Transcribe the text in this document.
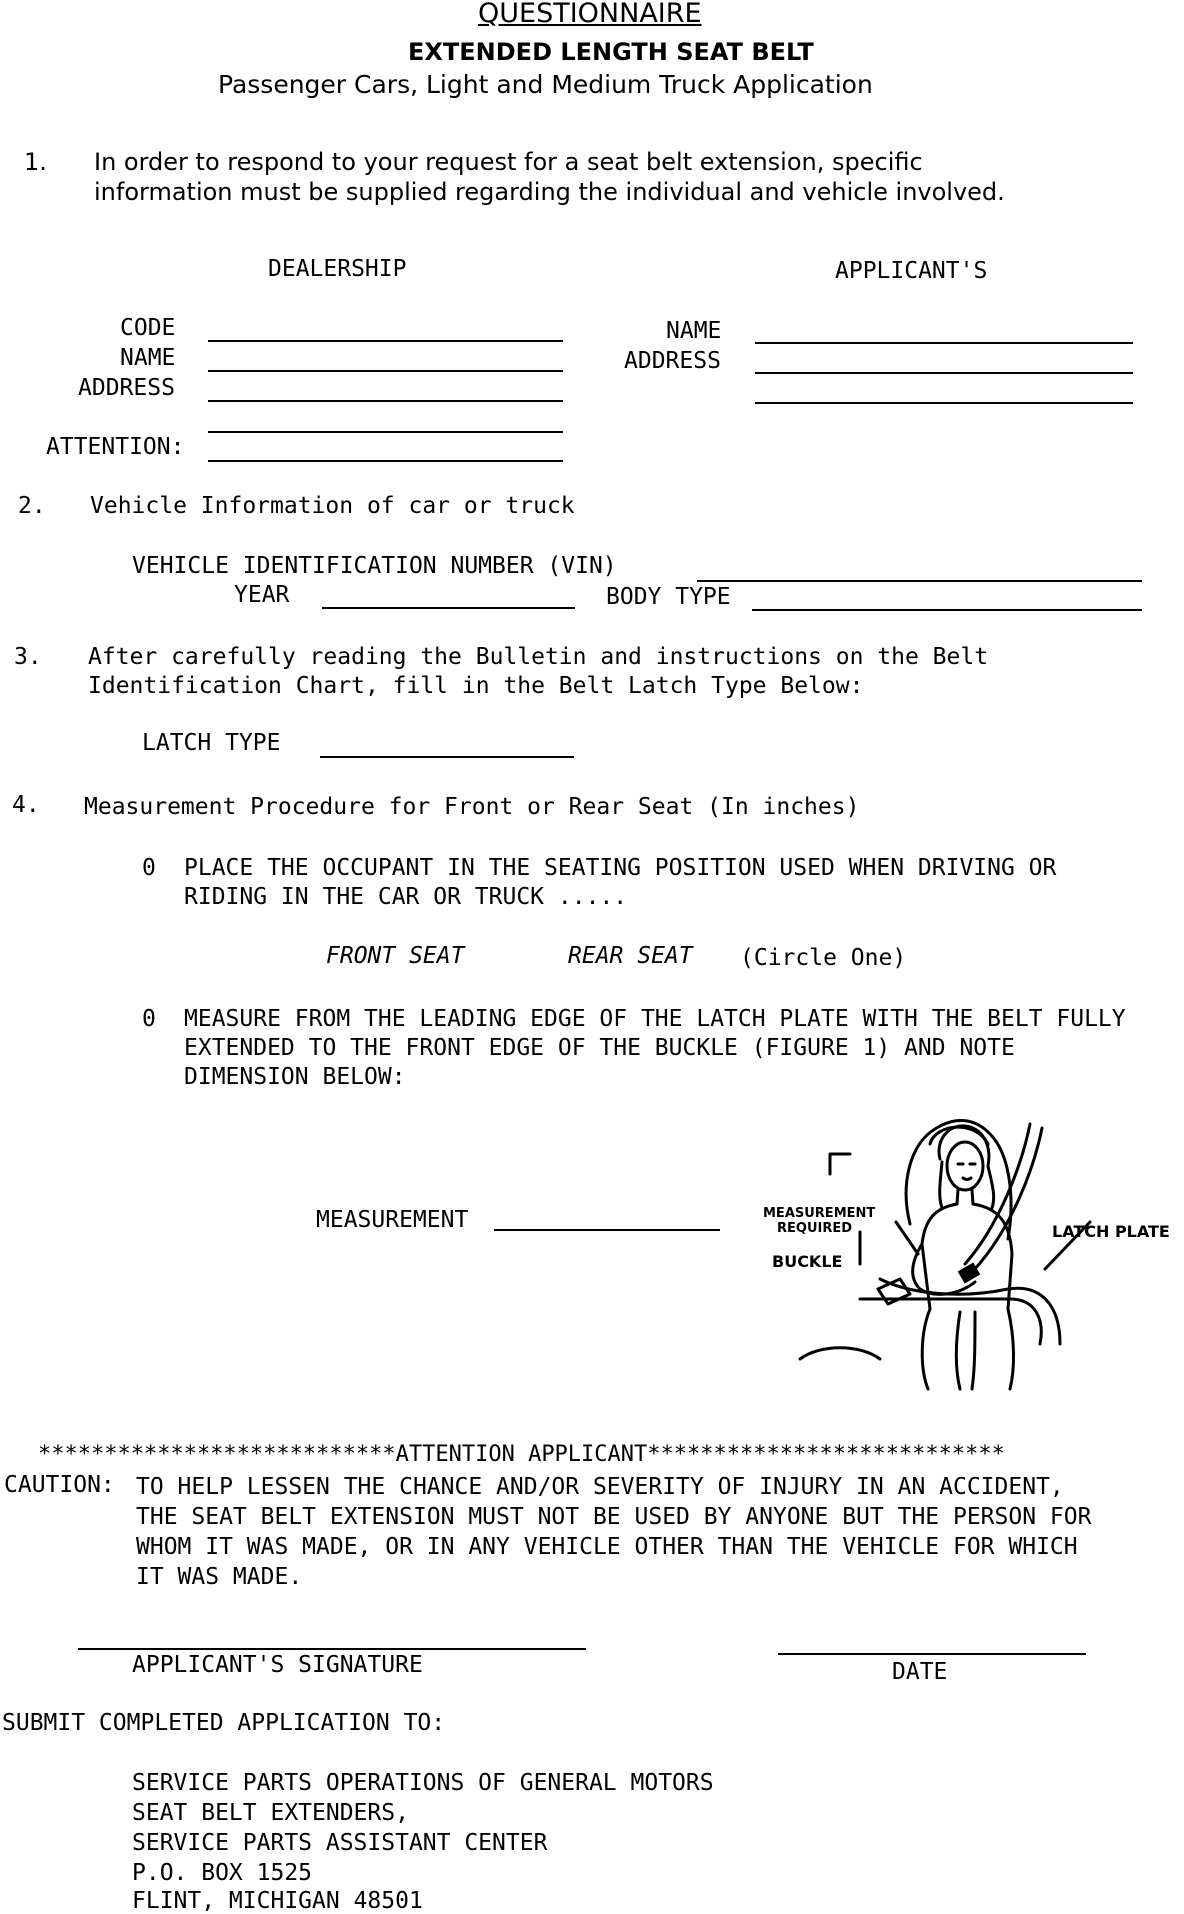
QUESTIONNAIRE
EXTENDED LENGTH SEAT BELT
Passenger Cars, Light and Medium Truck Application
1. In order to respond to your request for a seat belt extension, specific
information must be supplied regarding the individual and vehicle involved.
DEALERSHIP	APPLICANT'S
CODE
NAME
ADDRESS
ATTENTION:
NAME
ADDRESS
2. Vehicle Information of car or truck
VEHICLE IDENTIFICATION NUMBER (VIN)
YEAR	BODY TYPE
3. After carefully reading the Bulletin and instructions on the Belt
Identification Chart, fill in the Belt Latch Type Below:
LATCH TYPE
4. Measurement Procedure for Front or Rear Seat (In inches)
0 PLACE THE OCCUPANT IN THE SEATING POSITION USED WHEN DRIVING OR
RIDING IN THE CAR OR TRUCK .....
FRONT SEAT	REAR SEAT (Circle One)
0 MEASURE FROM THE LEADING EDGE OF THE LATCH PLATE WITH THE BELT FULLY
EXTENDED TO THE FRONT EDGE OF THE BUCKLE (FIGURE 1) AND NOTE
DIMENSION BELOW:
MEASUREMENT	MEASUREMENT
REQUIRED
BUCKLE
LATCH PLATE
***************************ATTENTION APPLICANT***************************
CAUTION: TO HELP LESSEN THE CHANCE AND/OR SEVERITY OF INJURY IN AN ACCIDENT,
THE SEAT BELT EXTENSION MUST NOT BE USED BY ANYONE BUT THE PERSON FOR
WHOM IT WAS MADE, OR IN ANY VEHICLE OTHER THAN THE VEHICLE FOR WHICH
IT WAS MADE.
APPLICANT'S SIGNATURE	DATE
SUBMIT COMPLETED APPLICATION TO:
SERVICE PARTS OPERATIONS OF GENERAL MOTORS
SEAT BELT EXTENDERS,
SERVICE PARTS ASSISTANT CENTER
P.O. BOX 1525
FLINT, MICHIGAN 48501
